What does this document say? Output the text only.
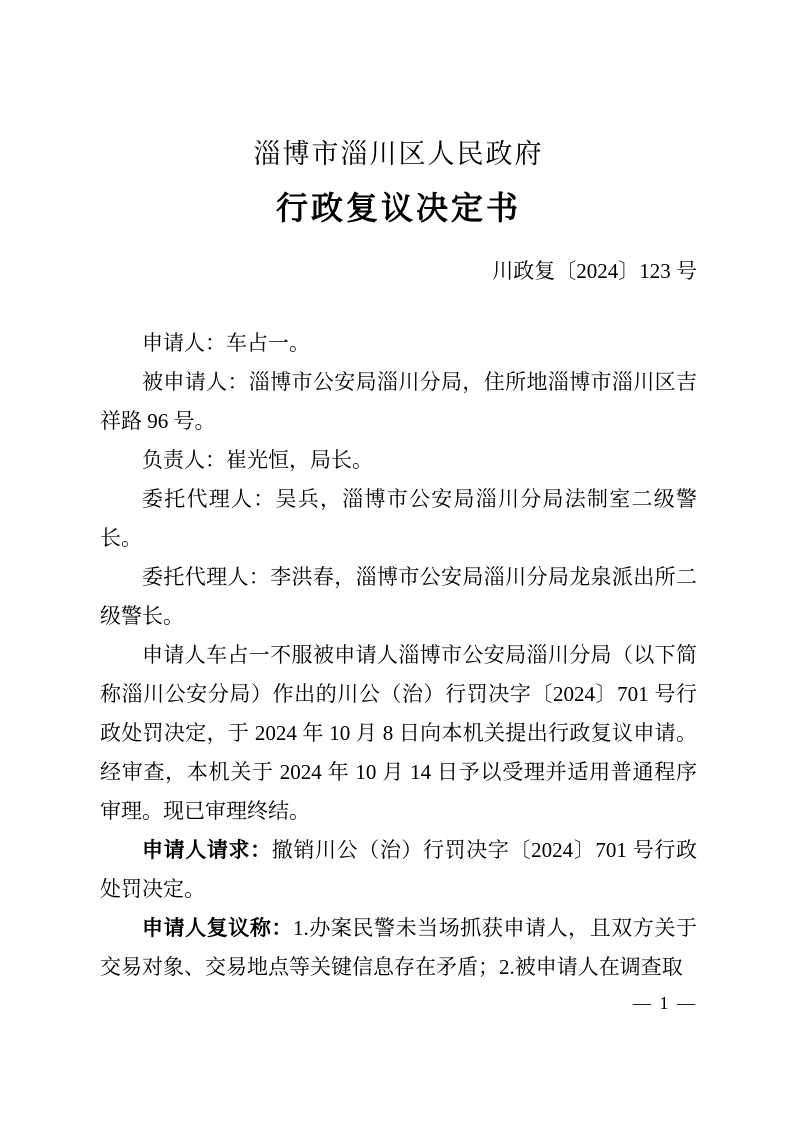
淄博市淄川区人民政府
行政复议决定书
川政复〔2024〕123 号

申请人：车占一。

被申请人：淄博市公安局淄川分局，住所地淄博市淄川区吉祥路 96 号。

负责人：崔光恒，局长。

委托代理人：吴兵，淄博市公安局淄川分局法制室二级警长。

委托代理人：李洪春，淄博市公安局淄川分局龙泉派出所二级警长。

申请人车占一不服被申请人淄博市公安局淄川分局（以下简称淄川公安分局）作出的川公（治）行罚决字〔2024〕701 号行政处罚决定，于 2024 年 10 月 8 日向本机关提出行政复议申请。经审查，本机关于 2024 年 10 月 14 日予以受理并适用普通程序审理。现已审理终结。

申请人请求：撤销川公（治）行罚决字〔2024〕701 号行政处罚决定。

申请人复议称：1.办案民警未当场抓获申请人，且双方关于交易对象、交易地点等关键信息存在矛盾；2.被申请人在调查取

— 1 —
